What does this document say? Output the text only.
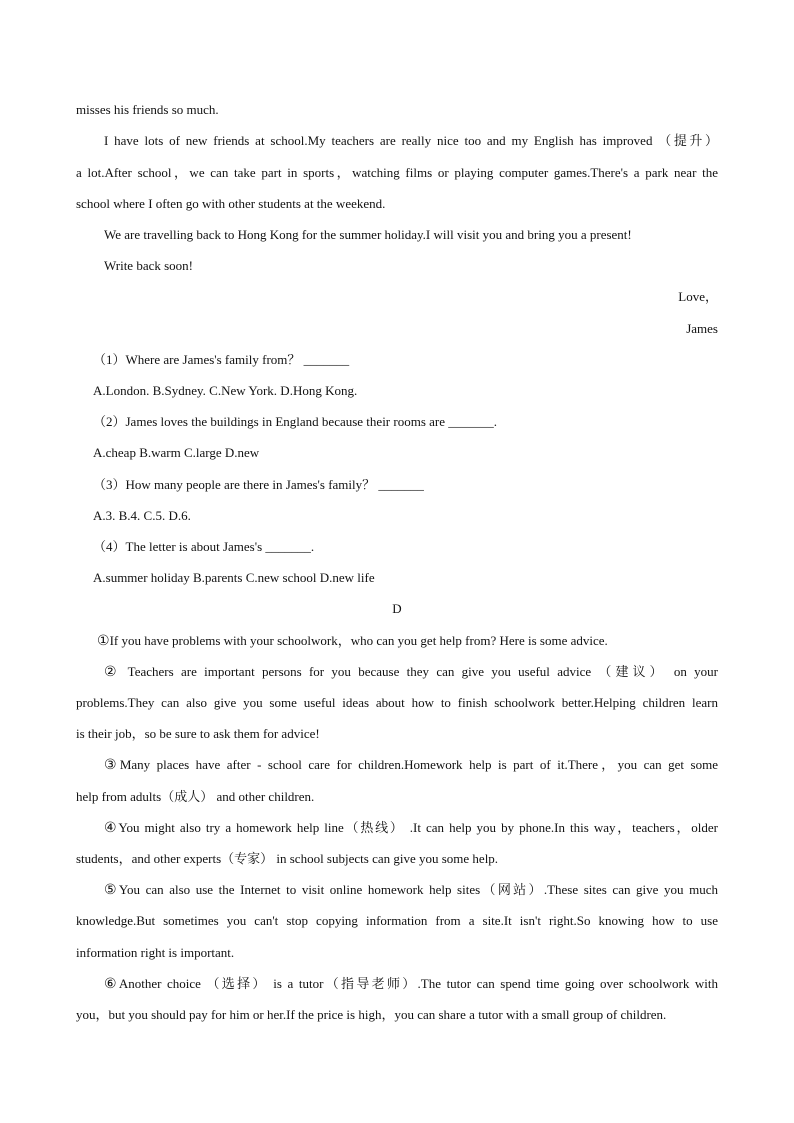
misses his friends so much.
I have lots of new friends at school.My teachers are really nice too and my English has improved （提升）
a lot.After school，we can take part in sports，watching films or playing computer games.There's a park near the
school where I often go with other students at the weekend.
We are travelling back to Hong Kong for the summer holiday.I will visit you and bring you a present!
Write back soon!
Love，
James
（1）Where are James's family from？ _______
A.London. B.Sydney. C.New York. D.Hong Kong.
（2）James loves the buildings in England because their rooms are _______.
A.cheap B.warm C.large D.new
（3）How many people are there in James's family？ _______
A.3. B.4. C.5. D.6.
（4）The letter is about James's _______.
A.summer holiday B.parents C.new school D.new life
D
①If you have problems with your schoolwork，who can you get help from? Here is some advice.
② Teachers are important persons for you because they can give you useful advice （建议） on your
problems.They can also give you some useful ideas about how to finish schoolwork better.Helping children learn
is their job，so be sure to ask them for advice!
③Many places have after - school care for children.Homework help is part of it.There，you can get some
help from adults（成人） and other children.
④You might also try a homework help line（热线） .It can help you by phone.In this way，teachers，older
students，and other experts（专家） in school subjects can give you some help.
⑤You can also use the Internet to visit online homework help sites（网站）.These sites can give you much
knowledge.But sometimes you can't stop copying information from a site.It isn't right.So knowing how to use
information right is important.
⑥Another choice （选择） is a tutor（指导老师）.The tutor can spend time going over schoolwork with
you，but you should pay for him or her.If the price is high，you can share a tutor with a small group of children.
